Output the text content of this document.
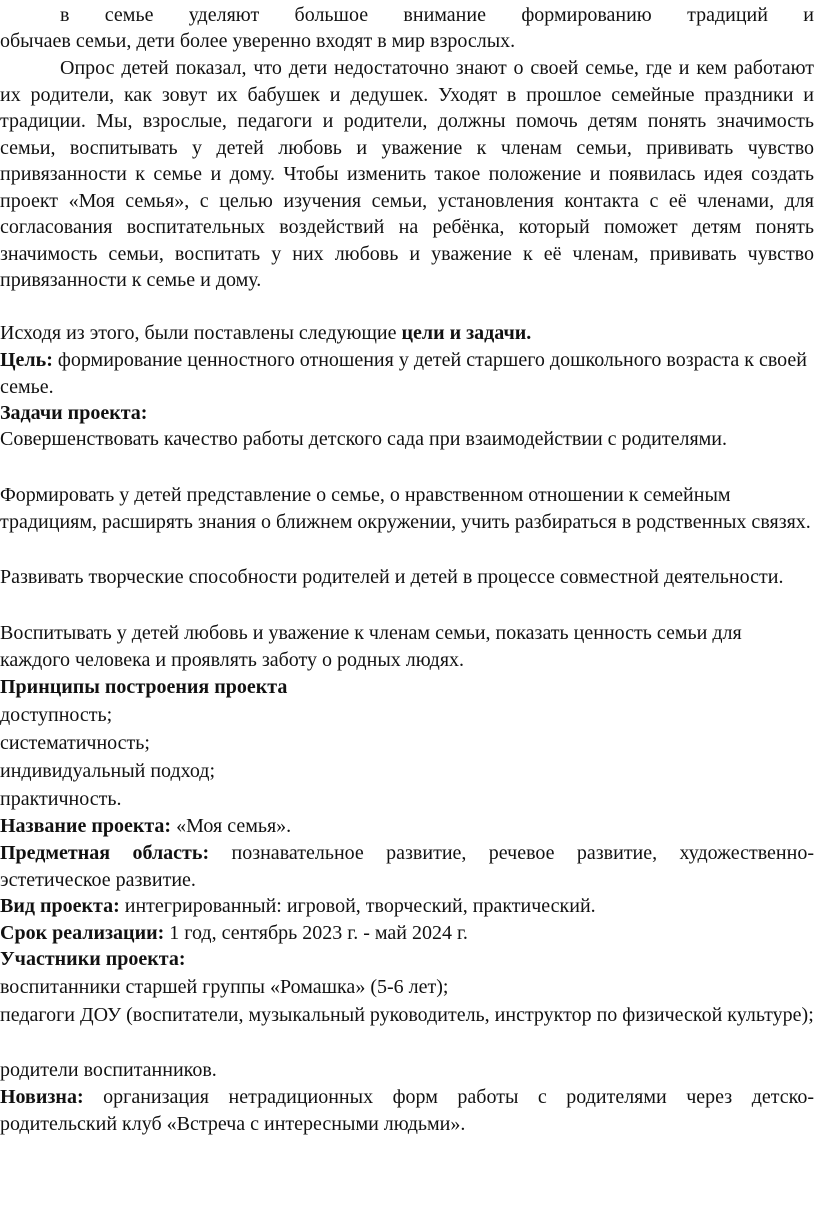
в семье уделяют большое внимание формированию традиций и

обычаев семьи, дети более уверенно входят в мир взрослых.

Опрос детей показал, что дети недостаточно знают о своей семье, где и кем работают их родители, как зовут их бабушек и дедушек. Уходят в прошлое семейные праздники и традиции. Мы, взрослые, педагоги и родители, должны помочь детям понять значимость семьи, воспитывать у детей любовь и уважение к членам семьи, прививать чувство привязанности к семье и дому. Чтобы изменить такое положение и появилась идея создать проект «Моя семья», с целью изучения семьи, установления контакта с её членами, для согласования воспитательных воздействий на ребёнка, который поможет детям понять значимость семьи, воспитать у них любовь и уважение к её членам, прививать чувство привязанности к семье и дому.

Исходя из этого, были поставлены следующие цели и задачи.

Цель: формирование ценностного отношения у детей старшего дошкольного возраста к своей семье.

Задачи проекта:

Совершенствовать качество работы детского сада при взаимодействии с родителями.

Формировать у детей представление о семье, о нравственном отношении к семейным традициям, расширять знания о ближнем окружении, учить разбираться в родственных связях.

Развивать творческие способности родителей и детей в процессе совместной деятельности.

Воспитывать у детей любовь и уважение к членам семьи, показать ценность семьи для каждого человека и проявлять заботу о родных людях.

Принципы построения проекта

доступность;

систематичность;

индивидуальный подход;

практичность.

Название проекта: «Моя семья».

Предметная область: познавательное развитие, речевое развитие, художественно-эстетическое развитие.

Вид проекта: интегрированный: игровой, творческий, практический.

Срок реализации: 1 год, сентябрь 2023 г. - май 2024 г.

Участники проекта:

воспитанники старшей группы «Ромашка» (5-6 лет);

педагоги ДОУ (воспитатели, музыкальный руководитель, инструктор по физической культуре);

родители воспитанников.

Новизна: организация нетрадиционных форм работы с родителями через детско-родительский клуб «Встреча с интересными людьми».
